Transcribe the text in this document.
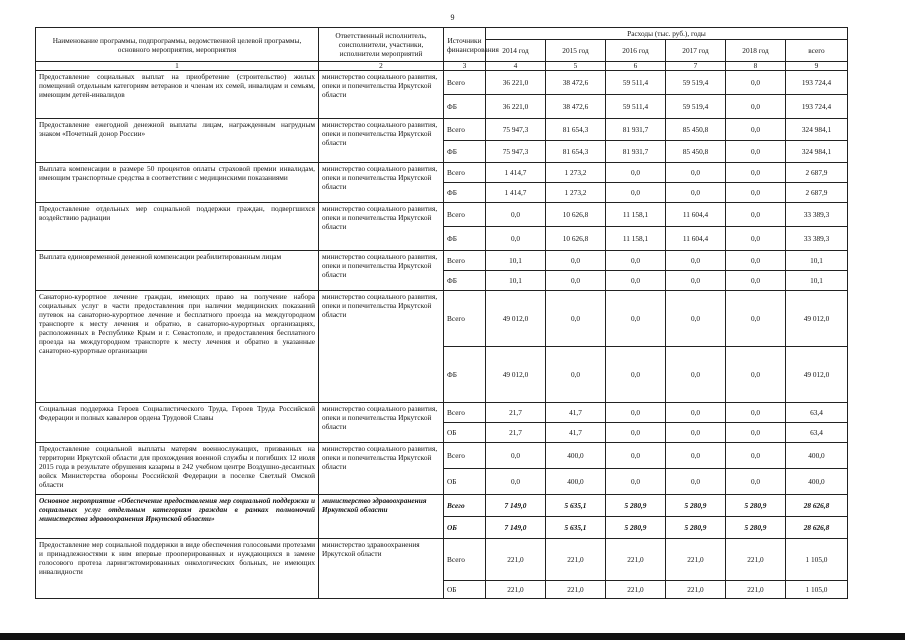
9
Наименование программы, подпрограммы, ведомственной целевой программы, основного мероприятия, мероприятия	Ответственный исполнитель, соисполнители, участники, исполнители мероприятий	Источники финансирования	Расходы (тыс. руб.), годы					
			2014 год	2015 год	2016 год	2017 год	2018 год	всего
1	2	3	4	5	6	7	8	9
Предоставление социальных выплат на приобретение (строительство) жилых помещений отдельным категориям ветеранов и членам их семей, инвалидам и семьям, имеющим детей-инвалидов	министерство социального развития, опеки и попечительства Иркутской области	Всего	36 221,0	38 472,6	59 511,4	59 519,4	0,0	193 724,4
		ФБ	36 221,0	38 472,6	59 511,4	59 519,4	0,0	193 724,4
Предоставление ежегодной денежной выплаты лицам, награжденным нагрудным знаком «Почетный донор России»	министерство социального развития, опеки и попечительства Иркутской области	Всего	75 947,3	81 654,3	81 931,7	85 450,8	0,0	324 984,1
		ФБ	75 947,3	81 654,3	81 931,7	85 450,8	0,0	324 984,1
Выплата компенсации в размере 50 процентов оплаты страховой премии инвалидам, имеющим транспортные средства в соответствии с медицинскими показаниями	министерство социального развития, опеки и попечительства Иркутской области	Всего	1 414,7	1 273,2	0,0	0,0	0,0	2 687,9
		ФБ	1 414,7	1 273,2	0,0	0,0	0,0	2 687,9
Предоставление отдельных мер социальной поддержки граждан, подвергшихся воздействию радиации	министерство социального развития, опеки и попечительства Иркутской области	Всего	0,0	10 626,8	11 158,1	11 604,4	0,0	33 389,3
		ФБ	0,0	10 626,8	11 158,1	11 604,4	0,0	33 389,3
Выплата единовременной денежной компенсации реабилитированным лицам	министерство социального развития, опеки и попечительства Иркутской области	Всего	10,1	0,0	0,0	0,0	0,0	10,1
		ФБ	10,1	0,0	0,0	0,0	0,0	10,1
Санаторно-курортное лечение граждан, имеющих право на получение набора социальных услуг в части предоставления при наличии медицинских показаний путевок на санаторно-курортное лечение и бесплатного проезда на междугородном транспорте к месту лечения и обратно, в санаторно-курортных организациях, расположенных в Республике Крым и г. Севастополе, и предоставления бесплатного проезда на междугородном транспорте к месту лечения и обратно в указанные санаторно-курортные организации	министерство социального развития, опеки и попечительства Иркутской области	Всего	49 012,0	0,0	0,0	0,0	0,0	49 012,0
		ФБ	49 012,0	0,0	0,0	0,0	0,0	49 012,0
Социальная поддержка Героев Социалистического Труда, Героев Труда Российской Федерации и полных кавалеров ордена Трудовой Славы	министерство социального развития, опеки и попечительства Иркутской области	Всего	21,7	41,7	0,0	0,0	0,0	63,4
		ОБ	21,7	41,7	0,0	0,0	0,0	63,4
Предоставление социальной выплаты матерям военнослужащих, призванных на территории Иркутской области для прохождения военной службы и погибших 12 июля 2015 года в результате обрушения казармы в 242 учебном центре Воздушно-десантных войск Министерства обороны Российской Федерации в поселке Светлый Омской области	министерство социального развития, опеки и попечительства Иркутской области	Всего	0,0	400,0	0,0	0,0	0,0	400,0
		ОБ	0,0	400,0	0,0	0,0	0,0	400,0
Основное мероприятие «Обеспечение предоставления мер социальной поддержки и социальных услуг отдельным категориям граждан в рамках полномочий министерства здравоохранения Иркутской области»	министерство здравоохранения Иркутской области	Всего	7 149,0	5 635,1	5 280,9	5 280,9	5 280,9	28 626,8
		ОБ	7 149,0	5 635,1	5 280,9	5 280,9	5 280,9	28 626,8
Предоставление мер социальной поддержки в виде обеспечения голосовыми протезами и принадлежностями к ним впервые прооперированных и нуждающихся в замене голосового протеза ларингэктомированных онкологических больных, не имеющих инвалидности	министерство здравоохранения Иркутской области	Всего	221,0	221,0	221,0	221,0	221,0	1 105,0
		ОБ	221,0	221,0	221,0	221,0	221,0	1 105,0
